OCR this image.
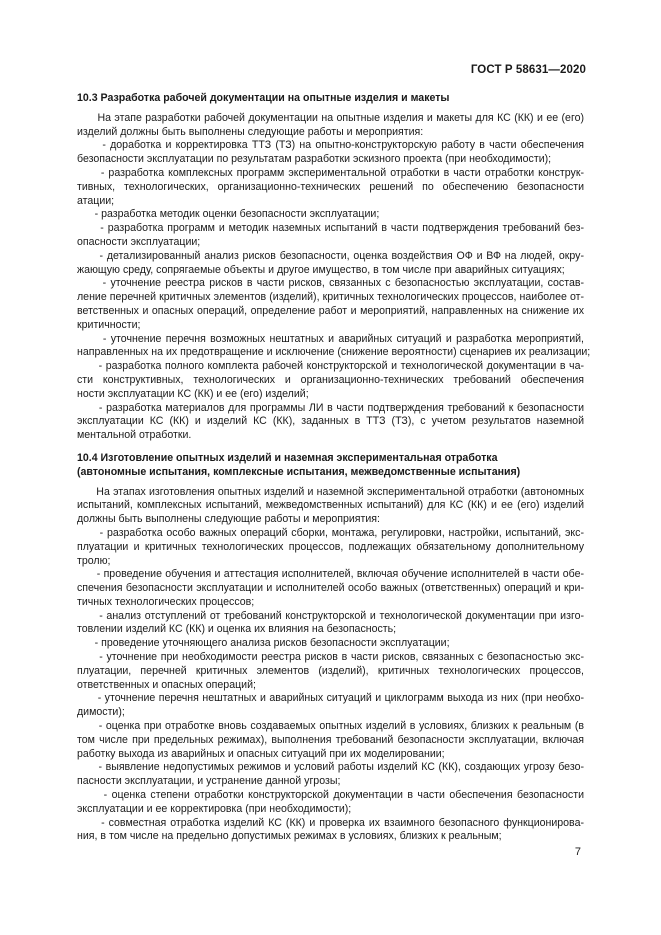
ГОСТ Р 58631—2020
10.3 Разработка рабочей документации на опытные изделия и макеты

На этапе разработки рабочей документации на опытные изделия и макеты для КС (КК) и ее (его)
изделий должны быть выполнены следующие работы и мероприятия:

- доработка и корректировка ТТЗ (ТЗ) на опытно-конструкторскую работу в части обеспечения
безопасности эксплуатации по результатам разработки эскизного проекта (при необходимости);

- разработка комплексных программ экспериментальной отработки в части отработки конструк-
тивных, технологических, организационно-технических решений по обеспечению безопасности
атации;

- разработка методик оценки безопасности эксплуатации;

- разработка программ и методик наземных испытаний в части подтверждения требований без-
опасности эксплуатации;

- детализированный анализ рисков безопасности, оценка воздействия ОФ и ВФ на людей, окру-
жающую среду, сопрягаемые объекты и другое имущество, в том числе при аварийных ситуациях;

- уточнение реестра рисков в части рисков, связанных с безопасностью эксплуатации, состав-
ление перечней критичных элементов (изделий), критичных технологических процессов, наиболее от-
ветственных и опасных операций, определение работ и мероприятий, направленных на снижение их
критичности;

- уточнение перечня возможных нештатных и аварийных ситуаций и разработка мероприятий,
направленных на их предотвращение и исключение (снижение вероятности) сценариев их реализации;

- разработка полного комплекта рабочей конструкторской и технологической документации в ча-
сти конструктивных, технологических и организационно-технических требований обеспечения
ности эксплуатации КС (КК) и ее (его) изделий;

- разработка материалов для программы ЛИ в части подтверждения требований к безопасности
эксплуатации КС (КК) и изделий КС (КК), заданных в ТТЗ (ТЗ), с учетом результатов наземной
ментальной отработки.

10.4 Изготовление опытных изделий и наземная экспериментальная отработка
(автономные испытания, комплексные испытания, межведомственные испытания)

На этапах изготовления опытных изделий и наземной экспериментальной отработки (автономных
испытаний, комплексных испытаний, межведомственных испытаний) для КС (КК) и ее (его) изделий
должны быть выполнены следующие работы и мероприятия:

- разработка особо важных операций сборки, монтажа, регулировки, настройки, испытаний, экс-
плуатации и критичных технологических процессов, подлежащих обязательному дополнительному
тролю;

- проведение обучения и аттестация исполнителей, включая обучение исполнителей в части обе-
спечения безопасности эксплуатации и исполнителей особо важных (ответственных) операций и кри-
тичных технологических процессов;

- анализ отступлений от требований конструкторской и технологической документации при изго-
товлении изделий КС (КК) и оценка их влияния на безопасность;

- проведение уточняющего анализа рисков безопасности эксплуатации;

- уточнение при необходимости реестра рисков в части рисков, связанных с безопасностью экс-
плуатации, перечней критичных элементов (изделий), критичных технологических процессов,
ответственных и опасных операций;

- уточнение перечня нештатных и аварийных ситуаций и циклограмм выхода из них (при необхо-
димости);

- оценка при отработке вновь создаваемых опытных изделий в условиях, близких к реальным (в
том числе при предельных режимах), выполнения требований безопасности эксплуатации, включая
работку выхода из аварийных и опасных ситуаций при их моделировании;

- выявление недопустимых режимов и условий работы изделий КС (КК), создающих угрозу безо-
пасности эксплуатации, и устранение данной угрозы;

- оценка степени отработки конструкторской документации в части обеспечения безопасности
эксплуатации и ее корректировка (при необходимости);

- совместная отработка изделий КС (КК) и проверка их взаимного безопасного функционирова-
ния, в том числе на предельно допустимых режимах в условиях, близких к реальным;

7
